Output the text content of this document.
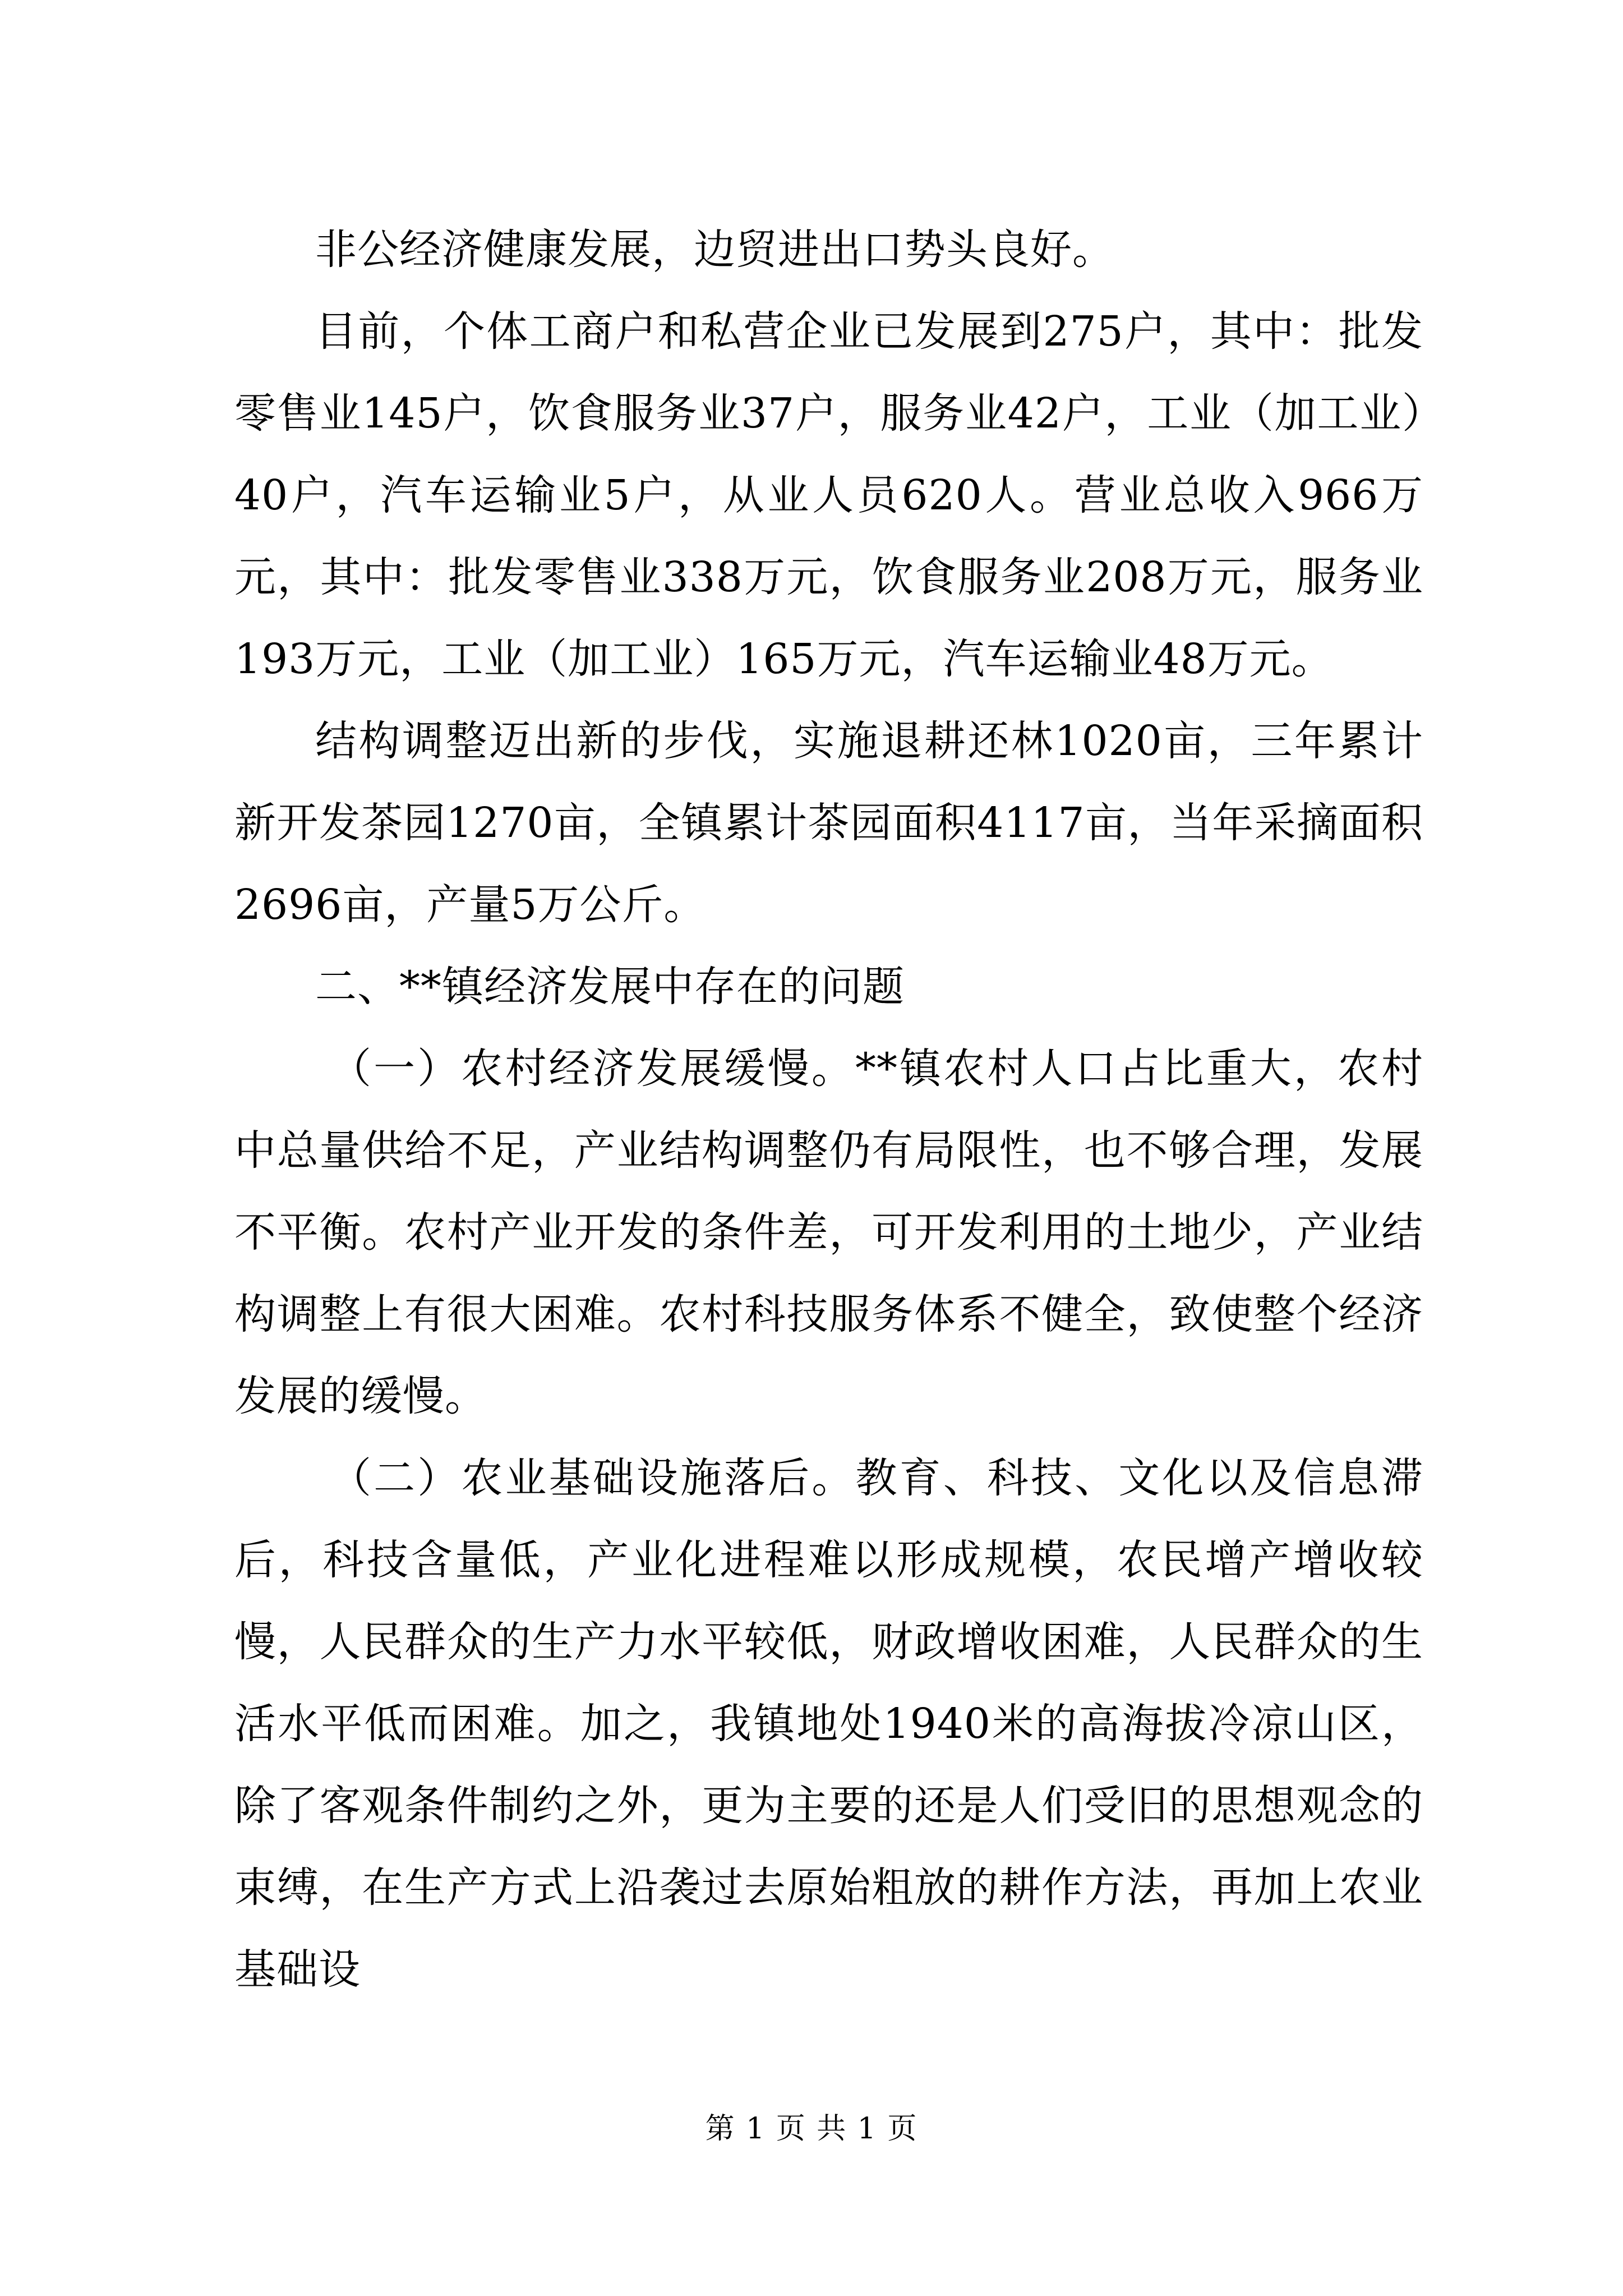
非公经济健康发展，边贸进出口势头良好。

目前，个体工商户和私营企业已发展到275户，其中：批发零售业145户，饮食服务业37户，服务业42户，工业（加工业）40户，汽车运输业5户，从业人员620人。营业总收入966万元，其中：批发零售业338万元，饮食服务业208万元，服务业193万元，工业（加工业）165万元，汽车运输业48万元。

结构调整迈出新的步伐，实施退耕还林1020亩，三年累计新开发茶园1270亩，全镇累计茶园面积4117亩，当年采摘面积2696亩，产量5万公斤。

二、**镇经济发展中存在的问题

（一）农村经济发展缓慢。**镇农村人口占比重大，农村中总量供给不足，产业结构调整仍有局限性，也不够合理，发展不平衡。农村产业开发的条件差，可开发利用的土地少，产业结构调整上有很大困难。农村科技服务体系不健全，致使整个经济发展的缓慢。

（二）农业基础设施落后。教育、科技、文化以及信息滞后，科技含量低，产业化进程难以形成规模，农民增产增收较慢，人民群众的生产力水平较低，财政增收困难，人民群众的生活水平低而困难。加之，我镇地处1940米的高海拔冷凉山区，除了客观条件制约之外，更为主要的还是人们受旧的思想观念的束缚，在生产方式上沿袭过去原始粗放的耕作方法，再加上农业基础设

第 1 页 共 1 页
